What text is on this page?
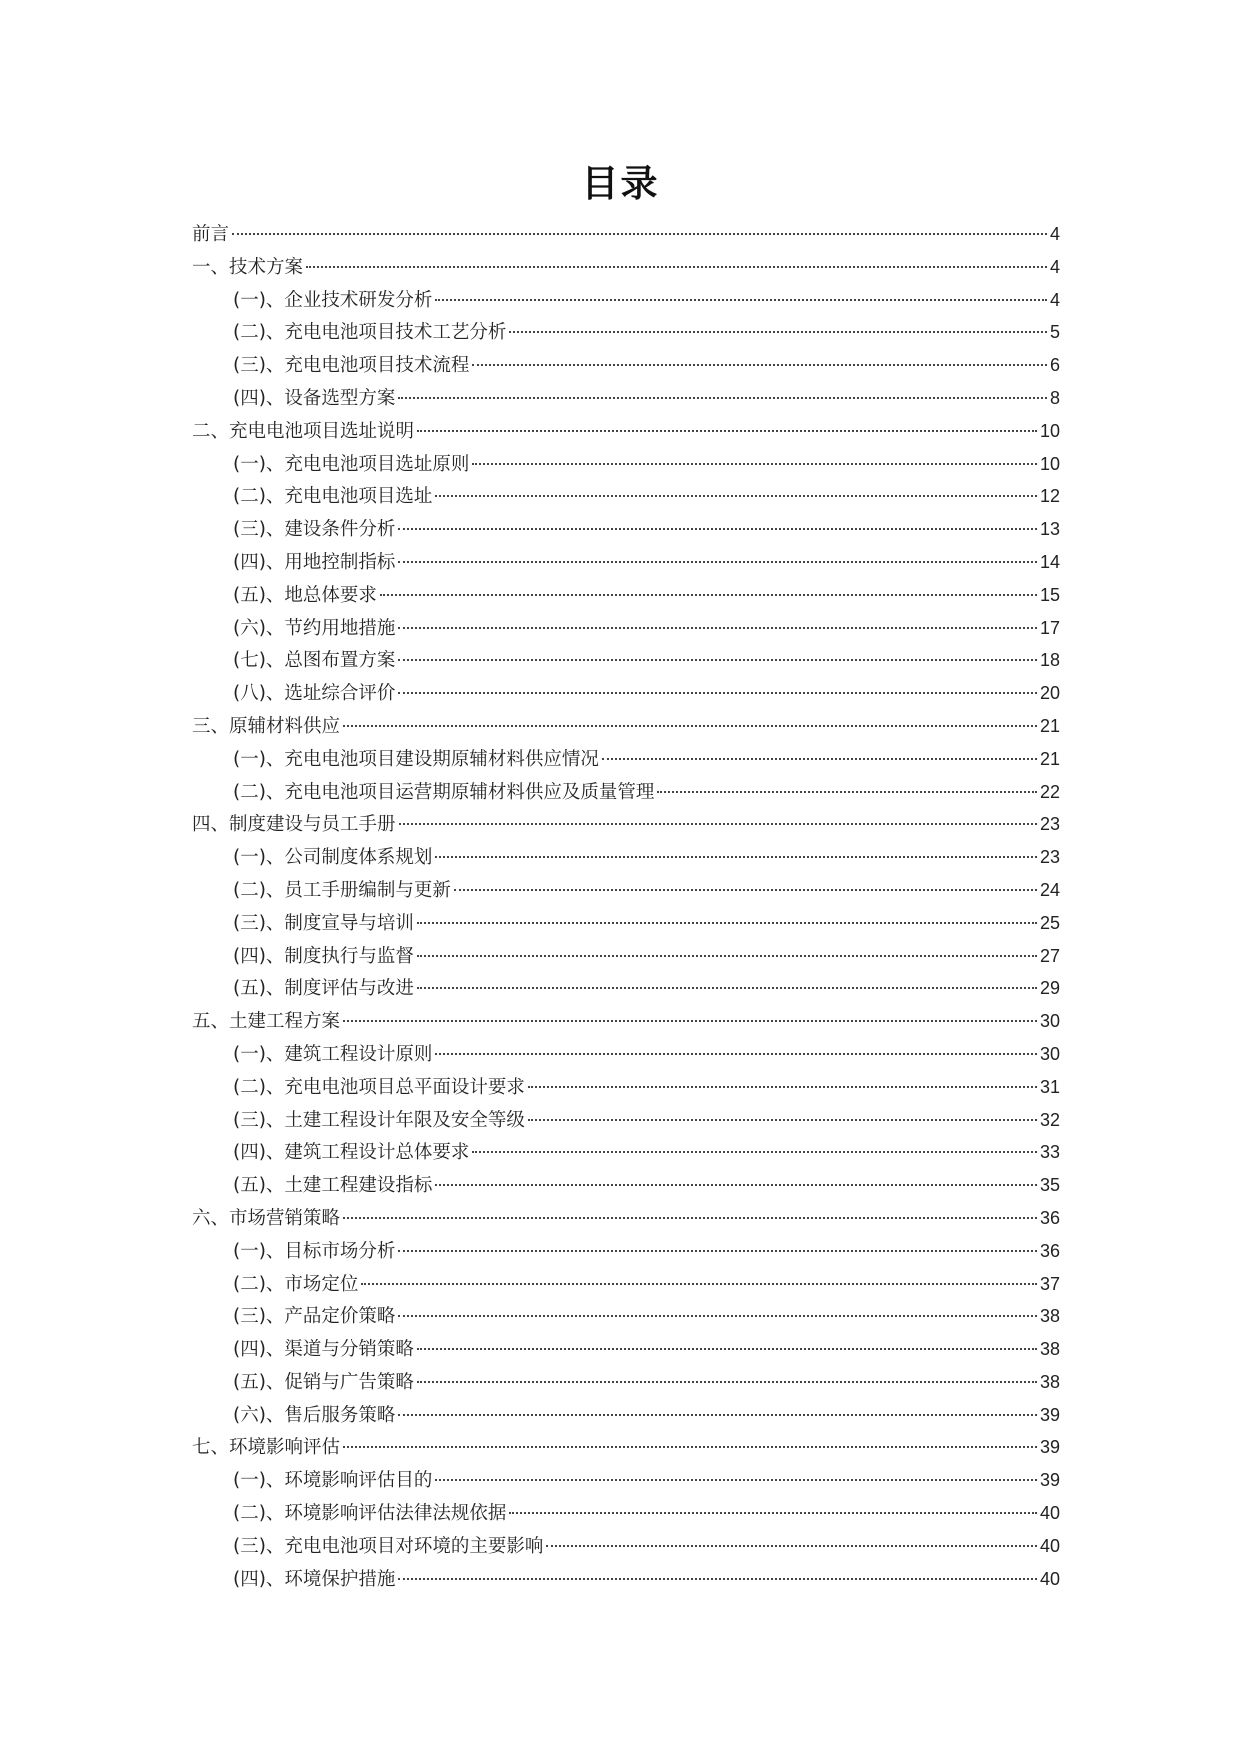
目录
前言	4
一、技术方案	4
(一)、企业技术研发分析	4
(二)、充电电池项目技术工艺分析	5
(三)、充电电池项目技术流程	6
(四)、设备选型方案	8
二、充电电池项目选址说明	10
(一)、充电电池项目选址原则	10
(二)、充电电池项目选址	12
(三)、建设条件分析	13
(四)、用地控制指标	14
(五)、地总体要求	15
(六)、节约用地措施	17
(七)、总图布置方案	18
(八)、选址综合评价	20
三、原辅材料供应	21
(一)、充电电池项目建设期原辅材料供应情况	21
(二)、充电电池项目运营期原辅材料供应及质量管理	22
四、制度建设与员工手册	23
(一)、公司制度体系规划	23
(二)、员工手册编制与更新	24
(三)、制度宣导与培训	25
(四)、制度执行与监督	27
(五)、制度评估与改进	29
五、土建工程方案	30
(一)、建筑工程设计原则	30
(二)、充电电池项目总平面设计要求	31
(三)、土建工程设计年限及安全等级	32
(四)、建筑工程设计总体要求	33
(五)、土建工程建设指标	35
六、市场营销策略	36
(一)、目标市场分析	36
(二)、市场定位	37
(三)、产品定价策略	38
(四)、渠道与分销策略	38
(五)、促销与广告策略	38
(六)、售后服务策略	39
七、环境影响评估	39
(一)、环境影响评估目的	39
(二)、环境影响评估法律法规依据	40
(三)、充电电池项目对环境的主要影响	40
(四)、环境保护措施	40
